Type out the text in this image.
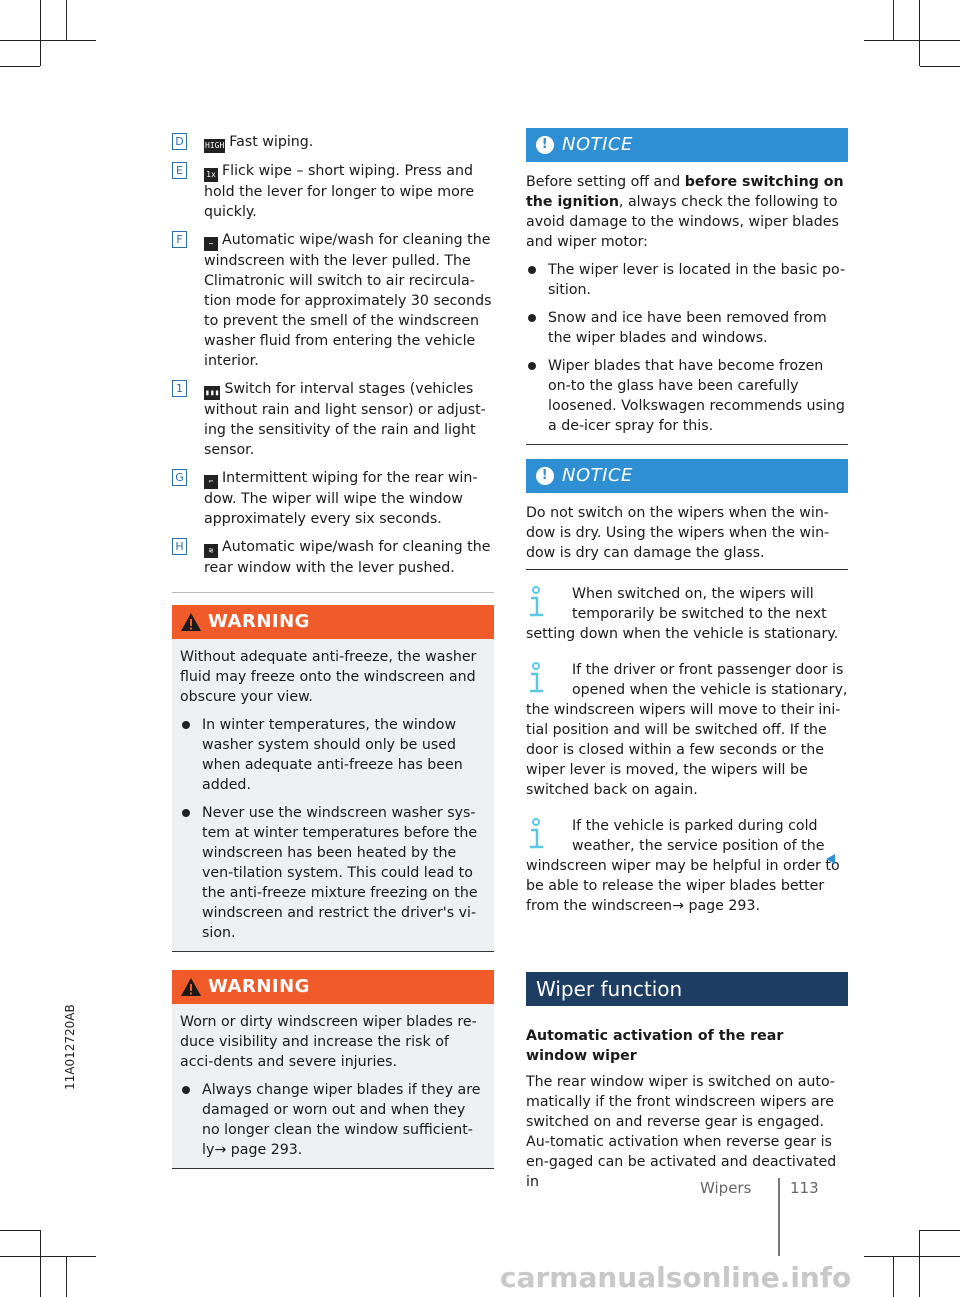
11A012720AB
D	HIGH Fast wiping.
E	1x Flick wipe – short wiping. Press and hold the lever for longer to wipe more quickly.
F	~ Automatic wipe/wash for cleaning the windscreen with the lever pulled. The Climatronic will switch to air recircula-tion mode for approximately 30 seconds to prevent the smell of the windscreen washer fluid from entering the vehicle interior.
1	▮▮▮ Switch for interval stages (vehicles without rain and light sensor) or adjust-ing the sensitivity of the rain and light sensor.
G	⌐ Intermittent wiping for the rear win-dow. The wiper will wipe the window approximately every six seconds.
H	≋ Automatic wipe/wash for cleaning the rear window with the lever pushed.
WARNING

Without adequate anti-freeze, the washer fluid may freeze onto the windscreen and obscure your view.

In winter temperatures, the window washer system should only be used when adequate anti-freeze has been added.
Never use the windscreen washer sys-tem at winter temperatures before the windscreen has been heated by the ven-tilation system. This could lead to the anti-freeze mixture freezing on the windscreen and restrict the driver's vi-sion.
WARNING

Worn or dirty windscreen wiper blades re-duce visibility and increase the risk of acci-dents and severe injuries.

Always change wiper blades if they are damaged or worn out and when they no longer clean the window sufficient-ly→ page 293.
! NOTICE

Before setting off and before switching on the ignition, always check the following to avoid damage to the windows, wiper blades and wiper motor:

The wiper lever is located in the basic po-sition.
Snow and ice have been removed from the wiper blades and windows.
Wiper blades that have become frozen on-to the glass have been carefully loosened. Volkswagen recommends using a de-icer spray for this.
! NOTICE

Do not switch on the wipers when the win-dow is dry. Using the wipers when the win-dow is dry can damage the glass.

When switched on, the wipers will temporarily be switched to the next
setting down when the vehicle is stationary.
If the driver or front passenger door is opened when the vehicle is stationary,
the windscreen wipers will move to their ini-tial position and will be switched off. If the door is closed within a few seconds or the wiper lever is moved, the wipers will be switched back on again.
If the vehicle is parked during cold weather, the service position of the
windscreen wiper may be helpful in order to be able to release the wiper blades better from the windscreen→ page 293.
Wiper function
Automatic activation of the rear window wiper
The rear window wiper is switched on auto-matically if the front windscreen wipers are switched on and reverse gear is engaged. Au-tomatic activation when reverse gear is en-gaged can be activated and deactivated in	Wipers	113
carmanualsonline.info
